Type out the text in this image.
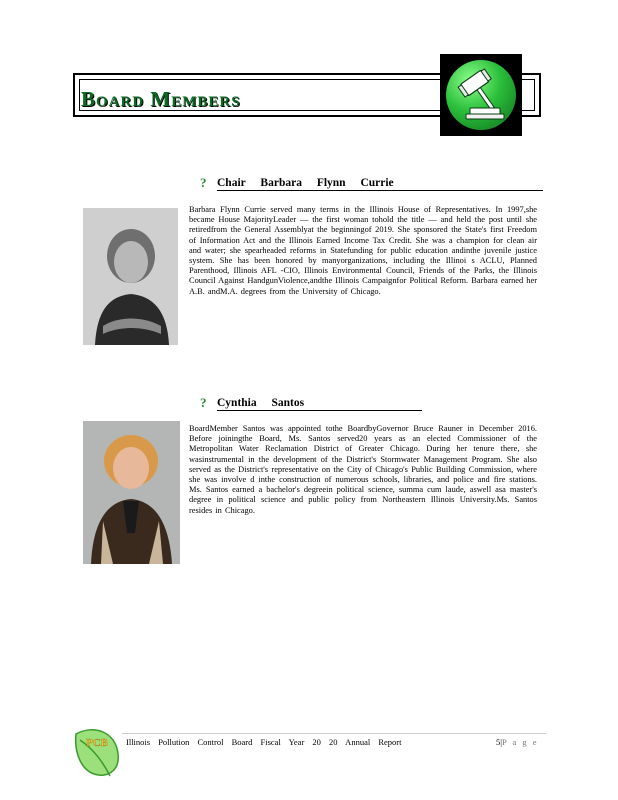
Board Members
? Chair Barbara Flynn Currie
Barbara Flynn Currie served many terms in the Illinois House of Representatives. In 1997,she became House MajorityLeader — the first woman tohold the title — and held the post until she retiredfrom the General Assemblyat the beginningof 2019. She sponsored the State's first Freedom of Information Act and the Illinois Earned Income Tax Credit. She was a champion for clean air and water; she spearheaded reforms in Statefunding for public education andinthe juvenile justice system. She has been honored by manyorganizations, including the Illinoi s ACLU, Planned Parenthood, Illinois AFL -CIO, Illinois Environmental Council, Friends of the Parks, the Illinois Council Against HandgunViolence,andthe Illinois Campaignfor Political Reform. Barbara earned her A.B. andM.A. degrees from the University of Chicago.
? Cynthia Santos
BoardMember Santos was appointed tothe BoardbyGovernor Bruce Rauner in December 2016. Before joiningthe Board, Ms. Santos served20 years as an elected Commissioner of the Metropolitan Water Reclamation District of Greater Chicago. During her tenure there, she wasinstrumental in the development of the District's Stormwater Management Program. She also served as the District's representative on the City of Chicago's Public Building Commission, where she was involve d inthe construction of numerous schools, libraries, and police and fire stations. Ms. Santos earned a bachelor's degreein political science, summa cum laude, aswell asa master's degree in political science and public policy from Northeastern Illinois University.Ms. Santos resides in Chicago.
PCB Illinois Pollution Control Board Fiscal Year 20 20 Annual Report	5|P a g e
